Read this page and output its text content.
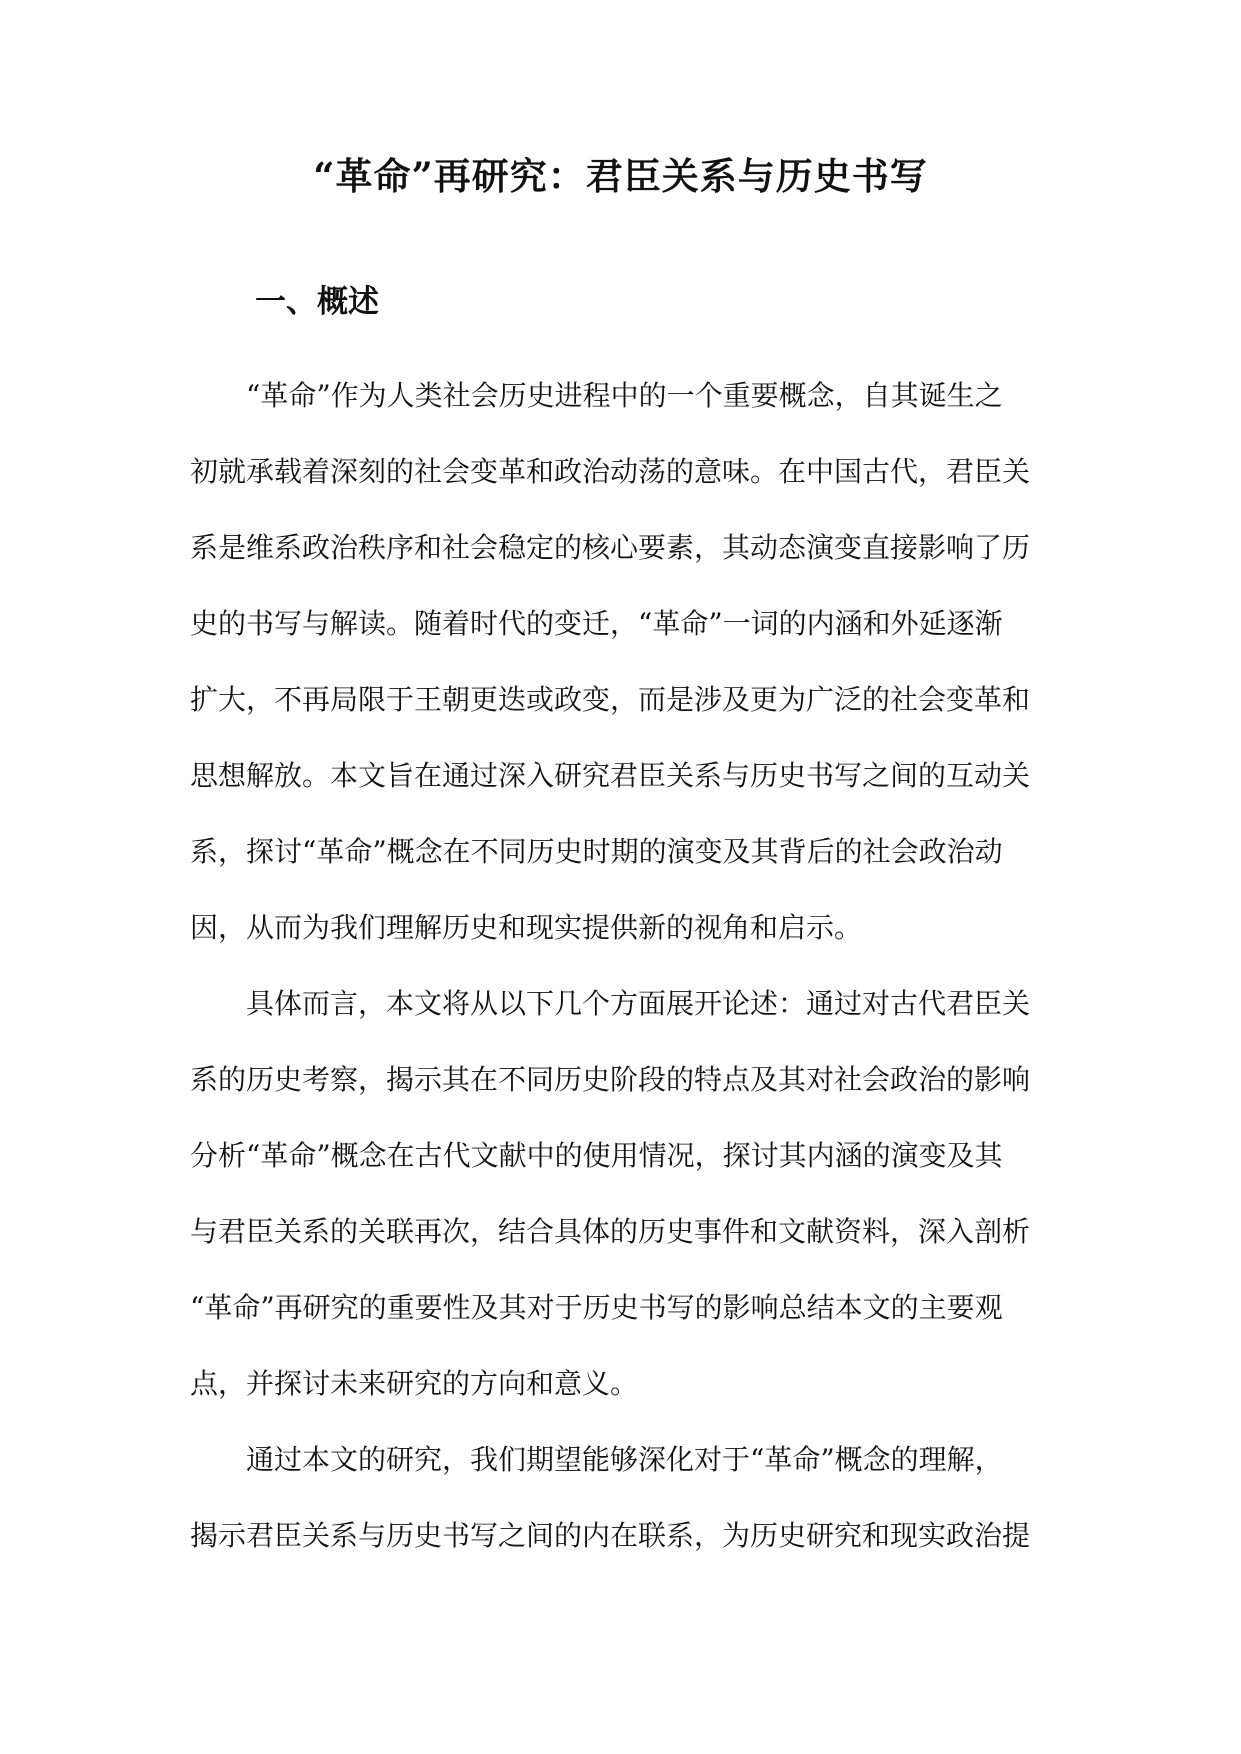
“革命”再研究：君臣关系与历史书写
一、概述
“革命”作为人类社会历史进程中的一个重要概念，自其诞生之
初就承载着深刻的社会变革和政治动荡的意味。在中国古代，君臣关
系是维系政治秩序和社会稳定的核心要素，其动态演变直接影响了历
史的书写与解读。随着时代的变迁，“革命”一词的内涵和外延逐渐
扩大，不再局限于王朝更迭或政变，而是涉及更为广泛的社会变革和
思想解放。本文旨在通过深入研究君臣关系与历史书写之间的互动关
系，探讨“革命”概念在不同历史时期的演变及其背后的社会政治动
因，从而为我们理解历史和现实提供新的视角和启示。
具体而言，本文将从以下几个方面展开论述：通过对古代君臣关
系的历史考察，揭示其在不同历史阶段的特点及其对社会政治的影响
分析“革命”概念在古代文献中的使用情况，探讨其内涵的演变及其
与君臣关系的关联再次，结合具体的历史事件和文献资料，深入剖析
“革命”再研究的重要性及其对于历史书写的影响总结本文的主要观
点，并探讨未来研究的方向和意义。
通过本文的研究，我们期望能够深化对于“革命”概念的理解，
揭示君臣关系与历史书写之间的内在联系，为历史研究和现实政治提
